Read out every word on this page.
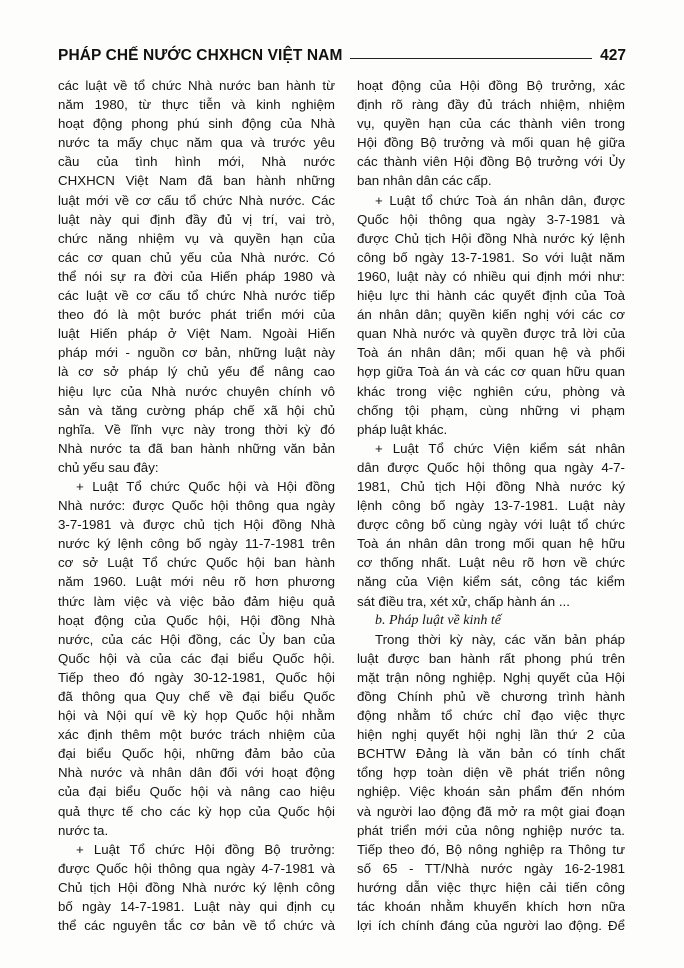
PHÁP CHẾ NƯỚC CHXHCN VIỆT NAM	427

các luật về tổ chức Nhà nước ban hành từ

năm 1980, từ thực tiễn và kinh nghiệm

hoạt động phong phú sinh động của Nhà

nước ta mấy chục năm qua và trước yêu

cầu của tình hình mới, Nhà nước

CHXHCN Việt Nam đã ban hành những

luật mới về cơ cấu tổ chức Nhà nước. Các

luật này qui định đầy đủ vị trí, vai trò,

chức năng nhiệm vụ và quyền hạn của

các cơ quan chủ yếu của Nhà nước. Có

thể nói sự ra đời của Hiến pháp 1980 và

các luật về cơ cấu tổ chức Nhà nước tiếp

theo đó là một bước phát triển mới của

luật Hiến pháp ở Việt Nam. Ngoài Hiến

pháp mới - nguồn cơ bản, những luật này

là cơ sở pháp lý chủ yếu để nâng cao

hiệu lực của Nhà nước chuyên chính vô

sản và tăng cường pháp chế xã hội chủ

nghĩa. Về lĩnh vực này trong thời kỳ đó

Nhà nước ta đã ban hành những văn bản

chủ yếu sau đây:

+ Luật Tổ chức Quốc hội và Hội đồng

Nhà nước: được Quốc hội thông qua ngày

3-7-1981 và được chủ tịch Hội đồng Nhà

nước ký lệnh công bố ngày 11-7-1981 trên

cơ sở Luật Tổ chức Quốc hội ban hành

năm 1960. Luật mới nêu rõ hơn phương

thức làm việc và việc bảo đảm hiệu quả

hoạt động của Quốc hội, Hội đồng Nhà

nước, của các Hội đồng, các Ủy ban của

Quốc hội và của các đại biểu Quốc hội.

Tiếp theo đó ngày 30-12-1981, Quốc hội

đã thông qua Quy chế về đại biểu Quốc

hội và Nội quí về kỳ họp Quốc hội nhằm

xác định thêm một bước trách nhiệm của

đại biểu Quốc hội, những đảm bảo của

Nhà nước và nhân dân đối với hoạt động

của đại biểu Quốc hội và nâng cao hiệu

quả thực tế cho các kỳ họp của Quốc hội

nước ta.

+ Luật Tổ chức Hội đồng Bộ trưởng:

được Quốc hội thông qua ngày 4-7-1981 và

Chủ tịch Hội đồng Nhà nước ký lệnh công

bố ngày 14-7-1981. Luật này qui định cụ

thể các nguyên tắc cơ bản về tổ chức và

hoạt động của Hội đồng Bộ trưởng, xác

định rõ ràng đầy đủ trách nhiệm, nhiệm

vụ, quyền hạn của các thành viên trong

Hội đồng Bộ trưởng và mối quan hệ giữa

các thành viên Hội đồng Bộ trưởng với Ủy

ban nhân dân các cấp.

+ Luật tổ chức Toà án nhân dân, được

Quốc hội thông qua ngày 3-7-1981 và

được Chủ tịch Hội đồng Nhà nước ký lệnh

công bố ngày 13-7-1981. So với luật năm

1960, luật này có nhiều qui định mới như:

hiệu lực thi hành các quyết định của Toà

án nhân dân; quyền kiến nghị với các cơ

quan Nhà nước và quyền được trả lời của

Toà án nhân dân; mối quan hệ và phối

hợp giữa Toà án và các cơ quan hữu quan

khác trong việc nghiên cứu, phòng và

chống tội phạm, cùng những vi phạm

pháp luật khác.

+ Luật Tổ chức Viện kiểm sát nhân

dân được Quốc hội thông qua ngày 4-7-

1981, Chủ tịch Hội đồng Nhà nước ký

lệnh công bố ngày 13-7-1981. Luật này

được công bố cùng ngày với luật tổ chức

Toà án nhân dân trong mối quan hệ hữu

cơ thống nhất. Luật nêu rõ hơn về chức

năng của Viện kiểm sát, công tác kiểm

sát điều tra, xét xử, chấp hành án ...

b. Pháp luật về kinh tế

Trong thời kỳ này, các văn bản pháp

luật được ban hành rất phong phú trên

mặt trận nông nghiệp. Nghị quyết của Hội

đồng Chính phủ về chương trình hành

động nhằm tổ chức chỉ đạo việc thực

hiện nghị quyết hội nghị lần thứ 2 của

BCHTW Đảng là văn bản có tính chất

tổng hợp toàn diện về phát triển nông

nghiệp. Việc khoán sản phẩm đến nhóm

và người lao động đã mở ra một giai đoạn

phát triển mới của nông nghiệp nước ta.

Tiếp theo đó, Bộ nông nghiệp ra Thông tư

số 65 - TT/Nhà nước ngày 16-2-1981

hướng dẫn việc thực hiện cải tiến công

tác khoán nhằm khuyến khích hơn nữa

lợi ích chính đáng của người lao động. Để
